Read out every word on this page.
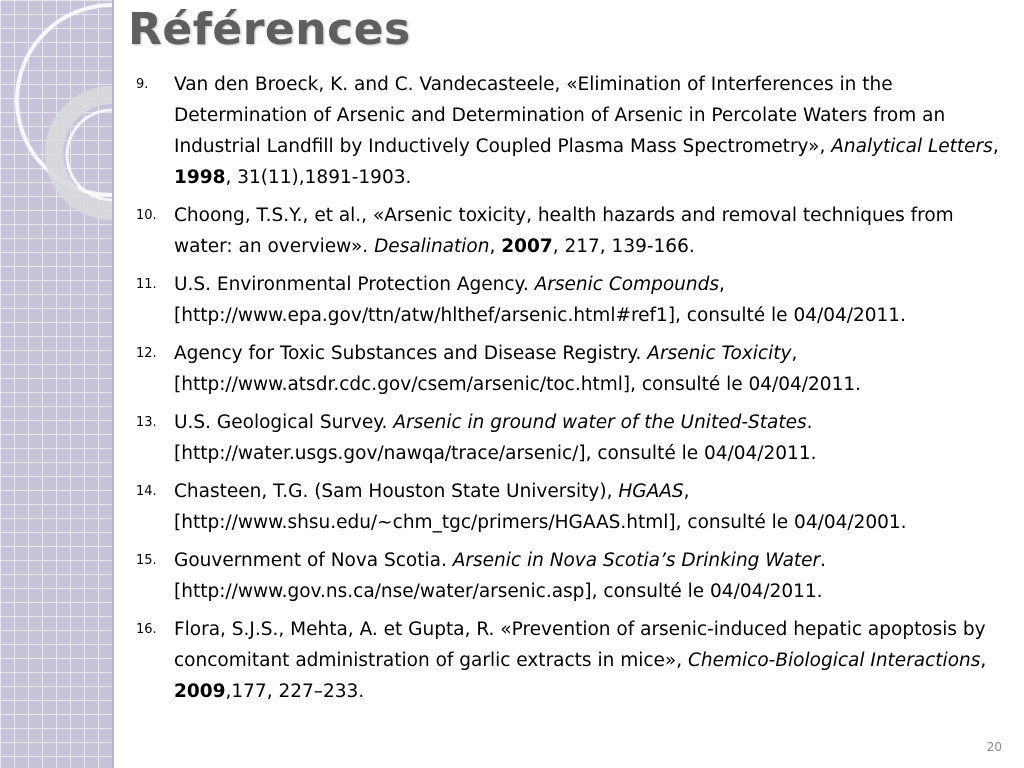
Références
9.	Van den Broeck, K. and C. Vandecasteele, «Elimination of Interferences in the Determination of Arsenic and Determination of Arsenic in Percolate Waters from an Industrial Landfill by Inductively Coupled Plasma Mass Spectrometry», Analytical Letters, 1998, 31(11),1891-1903.
10. Choong, T.S.Y., et al., «Arsenic toxicity, health hazards and removal techniques from water: an overview». Desalination, 2007, 217, 139-166.
11. U.S. Environmental Protection Agency. Arsenic Compounds, [http://www.epa.gov/ttn/atw/hlthef/arsenic.html#ref1], consulté le 04/04/2011.
12. Agency for Toxic Substances and Disease Registry. Arsenic Toxicity, [http://www.atsdr.cdc.gov/csem/arsenic/toc.html], consulté le 04/04/2011.
13. U.S. Geological Survey. Arsenic in ground water of the United-States. [http://water.usgs.gov/nawqa/trace/arsenic/], consulté le 04/04/2011.
14. Chasteen, T.G. (Sam Houston State University), HGAAS, [http://www.shsu.edu/~chm_tgc/primers/HGAAS.html], consulté le 04/04/2001.
15. Gouvernment of Nova Scotia. Arsenic in Nova Scotia’s Drinking Water. [http://www.gov.ns.ca/nse/water/arsenic.asp], consulté le 04/04/2011.
16. Flora, S.J.S., Mehta, A. et Gupta, R. «Prevention of arsenic-induced hepatic apoptosis by concomitant administration of garlic extracts in mice», Chemico-Biological Interactions, 2009,177, 227–233.
20
